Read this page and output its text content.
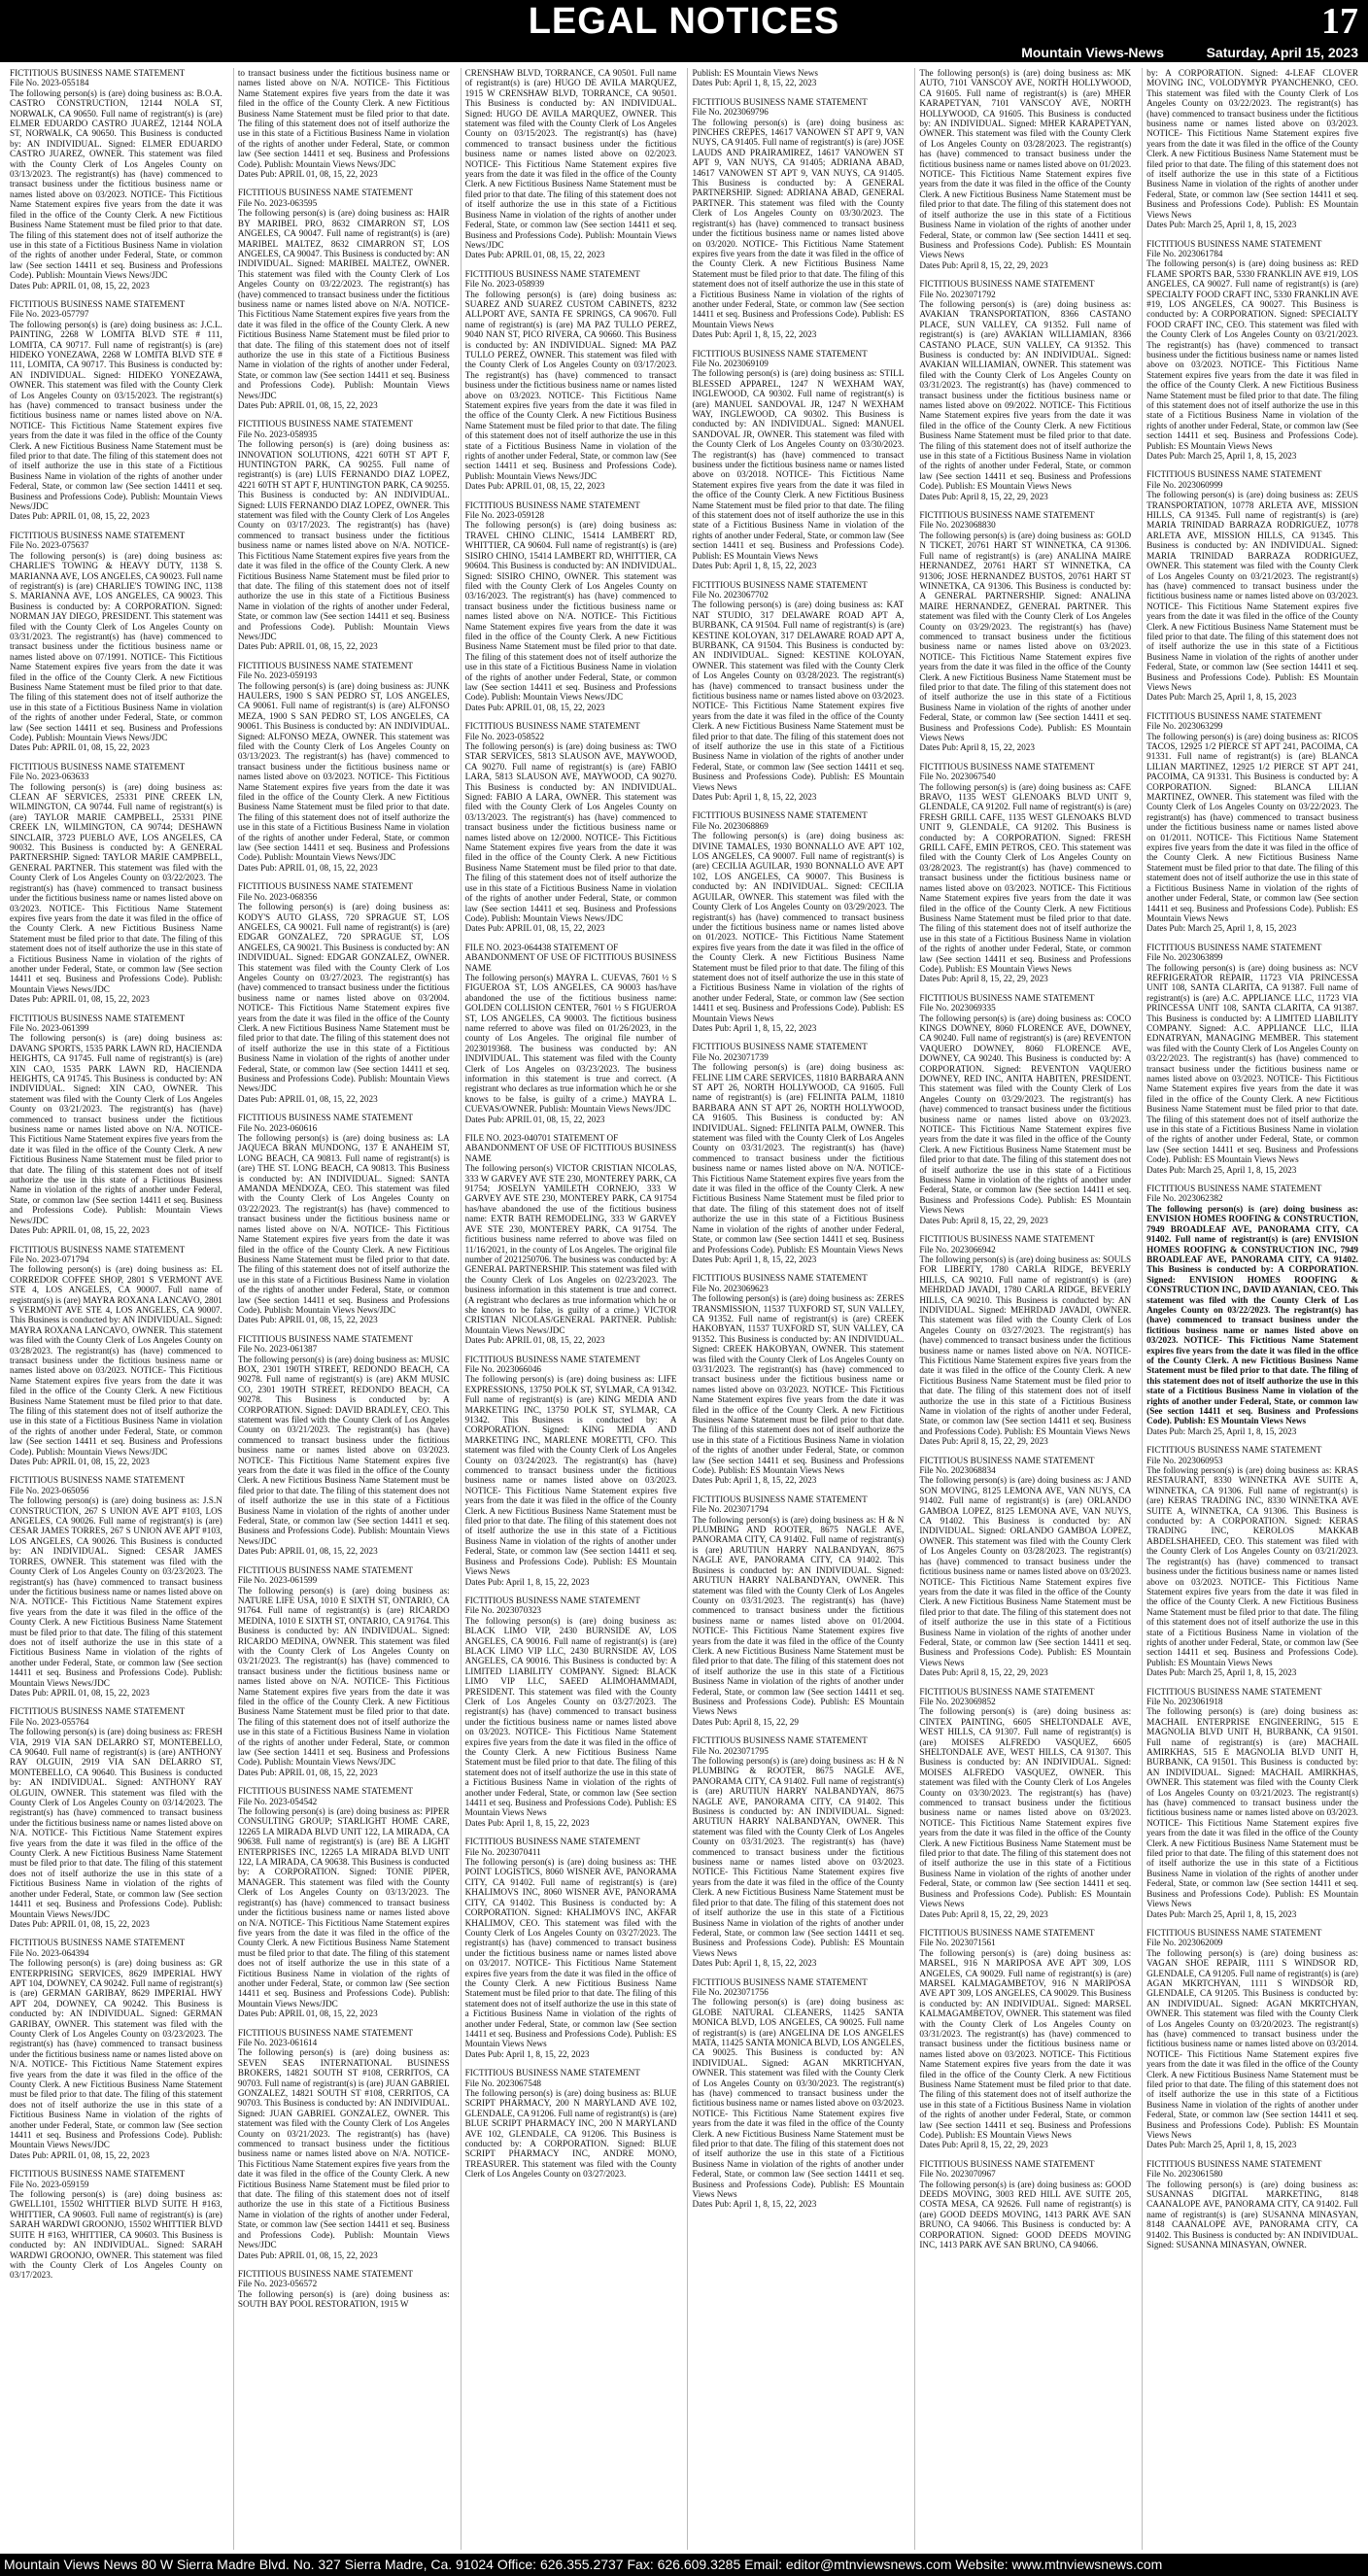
LEGAL NOTICES	17
Mountain Views-News	Saturday, April 15, 2023

FICTITIOUS BUSINESS NAME STATEMENT

File No. 2023-055184

The following person(s) is (are) doing business as: B.O.A. CASTRO CONSTRUCTION, 12144 NOLA ST, NORWALK, CA 90650. Full name of registrant(s) is (are) ELMER EDUARDO CASTRO JUAREZ, 12144 NOLA ST, NORWALK, CA 90650. This Business is conducted by: AN INDIVIDUAL. Signed: ELMER EDUARDO CASTRO JUAREZ, OWNER. This statement was filed with the County Clerk of Los Angeles County on 03/13/2023. The registrant(s) has (have) commenced to transact business under the fictitious business name or names listed above on 03/2023. NOTICE- This Fictitious Name Statement expires five years from the date it was filed in the office of the County Clerk. A new Fictitious Business Name Statement must be filed prior to that date. The filing of this statement does not of itself authorize the use in this state of a Fictitious Business Name in violation of the rights of another under Federal, State, or common law (See section 14411 et seq. Business and Professions Code). Publish: Mountain Views News/JDC

Dates Pub: APRIL 01, 08, 15, 22, 2023

FICTITIOUS BUSINESS NAME STATEMENT

File No. 2023-057797

The following person(s) is (are) doing business as: J.C.L. PAINTING, 2268 W LOMITA BLVD STE # 111, LOMITA, CA 90717. Full name of registrant(s) is (are) HIDEKO YONEZAWA, 2268 W LOMITA BLVD STE # 111, LOMITA, CA 90717. This Business is conducted by: AN INDIVIDUAL. Signed: HIDEKO YONEZAWA, OWNER. This statement was filed with the County Clerk of Los Angeles County on 03/15/2023. The registrant(s) has (have) commenced to transact business under the fictitious business name or names listed above on N/A. NOTICE- This Fictitious Name Statement expires five years from the date it was filed in the office of the County Clerk. A new Fictitious Business Name Statement must be filed prior to that date. The filing of this statement does not of itself authorize the use in this state of a Fictitious Business Name in violation of the rights of another under Federal, State, or common law (See section 14411 et seq. Business and Professions Code). Publish: Mountain Views News/JDC

Dates Pub: APRIL 01, 08, 15, 22, 2023

FICTITIOUS BUSINESS NAME STATEMENT

File No. 2023-075637

The following person(s) is (are) doing business as: CHARLIE'S TOWING & HEAVY DUTY, 1138 S. MARIANNA AVE, LOS ANGELES, CA 90023. Full name of registrant(s) is (are) CHARLIE'S TOWING INC, 1138 S. MARIANNA AVE, LOS ANGELES, CA 90023. This Business is conducted by: A CORPORATION. Signed: NORMAN JAY DIEGO, PRESIDENT. This statement was filed with the County Clerk of Los Angeles County on 03/31/2023. The registrant(s) has (have) commenced to transact business under the fictitious business name or names listed above on 07/1991. NOTICE- This Fictitious Name Statement expires five years from the date it was filed in the office of the County Clerk. A new Fictitious Business Name Statement must be filed prior to that date. The filing of this statement does not of itself authorize the use in this state of a Fictitious Business Name in violation of the rights of another under Federal, State, or common law (See section 14411 et seq. Business and Professions Code). Publish: Mountain Views News/JDC

Dates Pub: APRIL 01, 08, 15, 22, 2023

FICTITIOUS BUSINESS NAME STATEMENT

File No. 2023-063633

The following person(s) is (are) doing business as: CLEAN AF SERVICES, 25331 PINE CREEK LN, WILMINGTON, CA 90744. Full name of registrant(s) is (are) TAYLOR MARIE CAMPBELL, 25331 PINE CREEK LN, WILMINGTON, CA 90744; DESHAWN SINCLAIR, 3723 PUEBLO AVE, LOS ANGELES, CA 90032. This Business is conducted by: A GENERAL PARTNERSHIP. Signed: TAYLOR MARIE CAMPBELL, GENERAL PARTNER. This statement was filed with the County Clerk of Los Angeles County on 03/22/2023. The registrant(s) has (have) commenced to transact business under the fictitious business name or names listed above on 03/2023. NOTICE- This Fictitious Name Statement expires five years from the date it was filed in the office of the County Clerk. A new Fictitious Business Name Statement must be filed prior to that date. The filing of this statement does not of itself authorize the use in this state of a Fictitious Business Name in violation of the rights of another under Federal, State, or common law (See section 14411 et seq. Business and Professions Code). Publish: Mountain Views News/JDC

Dates Pub: APRIL 01, 08, 15, 22, 2023

FICTITIOUS BUSINESS NAME STATEMENT

File No. 2023-061399

The following person(s) is (are) doing business as: DAVANG SPORTS, 1535 PARK LAWN RD, HACIENDA HEIGHTS, CA 91745. Full name of registrant(s) is (are) XIN CAO, 1535 PARK LAWN RD, HACIENDA HEIGHTS, CA 91745. This Business is conducted by: AN INDIVIDUAL. Signed: XIN CAO, OWNER. This statement was filed with the County Clerk of Los Angeles County on 03/21/2023. The registrant(s) has (have) commenced to transact business under the fictitious business name or names listed above on N/A. NOTICE- This Fictitious Name Statement expires five years from the date it was filed in the office of the County Clerk. A new Fictitious Business Name Statement must be filed prior to that date. The filing of this statement does not of itself authorize the use in this state of a Fictitious Business Name in violation of the rights of another under Federal, State, or common law (See section 14411 et seq. Business and Professions Code). Publish: Mountain Views News/JDC

Dates Pub: APRIL 01, 08, 15, 22, 2023

FICTITIOUS BUSINESS NAME STATEMENT

File No. 2023-071794

The following person(s) is (are) doing business as: EL CORREDOR COFFEE SHOP, 2801 S VERMONT AVE STE 4, LOS ANGELES, CA 90007. Full name of registrant(s) is (are) MAYRA ROXANA LANCAVO, 2801 S VERMONT AVE STE 4, LOS ANGELES, CA 90007. This Business is conducted by: AN INDIVIDUAL. Signed: MAYRA ROXANA LANCAVO, OWNER. This statement was filed with the County Clerk of Los Angeles County on 03/28/2023. The registrant(s) has (have) commenced to transact business under the fictitious business name or names listed above on 03/2023. NOTICE- This Fictitious Name Statement expires five years from the date it was filed in the office of the County Clerk. A new Fictitious Business Name Statement must be filed prior to that date. The filing of this statement does not of itself authorize the use in this state of a Fictitious Business Name in violation of the rights of another under Federal, State, or common law (See section 14411 et seq. Business and Professions Code). Publish: Mountain Views News/JDC

Dates Pub: APRIL 01, 08, 15, 22, 2023

FICTITIOUS BUSINESS NAME STATEMENT

File No. 2023-065056

The following person(s) is (are) doing business as: J.S.N CONSTRUCTION, 267 S UNION AVE APT #103, LOS ANGELES, CA 90026. Full name of registrant(s) is (are) CESAR JAMES TORRES, 267 S UNION AVE APT #103, LOS ANGELES, CA 90026. This Business is conducted by: AN INDIVIDUAL. Signed: CESAR JAMES TORRES, OWNER. This statement was filed with the County Clerk of Los Angeles County on 03/23/2023. The registrant(s) has (have) commenced to transact business under the fictitious business name or names listed above on N/A. NOTICE- This Fictitious Name Statement expires five years from the date it was filed in the office of the County Clerk. A new Fictitious Business Name Statement must be filed prior to that date. The filing of this statement does not of itself authorize the use in this state of a Fictitious Business Name in violation of the rights of another under Federal, State, or common law (See section 14411 et seq. Business and Professions Code). Publish: Mountain Views News/JDC

Dates Pub: APRIL 01, 08, 15, 22, 2023

FICTITIOUS BUSINESS NAME STATEMENT

File No. 2023-055764

The following person(s) is (are) doing business as: FRESH VIA, 2919 VIA SAN DELARRO ST, MONTEBELLO, CA 90640. Full name of registrant(s) is (are) ANTHONY RAY OLGUIN, 2919 VIA SAN DELARRO ST, MONTEBELLO, CA 90640. This Business is conducted by: AN INDIVIDUAL. Signed: ANTHONY RAY OLGUIN, OWNER. This statement was filed with the County Clerk of Los Angeles County on 03/14/2023. The registrant(s) has (have) commenced to transact business under the fictitious business name or names listed above on N/A. NOTICE- This Fictitious Name Statement expires five years from the date it was filed in the office of the County Clerk. A new Fictitious Business Name Statement must be filed prior to that date. The filing of this statement does not of itself authorize the use in this state of a Fictitious Business Name in violation of the rights of another under Federal, State, or common law (See section 14411 et seq. Business and Professions Code). Publish: Mountain Views News/JDC

Dates Pub: APRIL 01, 08, 15, 22, 2023

FICTITIOUS BUSINESS NAME STATEMENT

File No. 2023-064394

The following person(s) is (are) doing business as: GR ENTERPRISING SERVICES, 8629 IMPERIAL HWY APT 104, DOWNEY, CA 90242. Full name of registrant(s) is (are) GERMAN GARIBAY, 8629 IMPERIAL HWY APT 204, DOWNEY, CA 90242. This Business is conducted by: AN INDIVIDUAL. Signed: GERMAN GARIBAY, OWNER. This statement was filed with the County Clerk of Los Angeles County on 03/23/2023. The registrant(s) has (have) commenced to transact business under the fictitious business name or names listed above on N/A. NOTICE- This Fictitious Name Statement expires five years from the date it was filed in the office of the County Clerk. A new Fictitious Business Name Statement must be filed prior to that date. The filing of this statement does not of itself authorize the use in this state of a Fictitious Business Name in violation of the rights of another under Federal, State, or common law (See section 14411 et seq. Business and Professions Code). Publish: Mountain Views News/JDC

Dates Pub: APRIL 01, 08, 15, 22, 2023

FICTITIOUS BUSINESS NAME STATEMENT

File No. 2023-059159

The following person(s) is (are) doing business as: GWELL101, 15502 WHITTIER BLVD SUITE H #163, WHITTIER, CA 90603. Full name of registrant(s) is (are) SARAH WARDWI GROONJO, 15502 WHITTIER BLVD SUITE H #163, WHITTIER, CA 90603. This Business is conducted by: AN INDIVIDUAL. Signed: SARAH WARDWI GROONJO, OWNER. This statement was filed with the County Clerk of Los Angeles County on 03/17/2023.

to transact business under the fictitious business name or names listed above on N/A. NOTICE- This Fictitious Name Statement expires five years from the date it was filed in the office of the County Clerk. A new Fictitious Business Name Statement must be filed prior to that date. The filing of this statement does not of itself authorize the use in this state of a Fictitious Business Name in violation of the rights of another under Federal, State, or common law (See section 14411 et seq. Business and Professions Code). Publish: Mountain Views News/JDC

Dates Pub: APRIL 01, 08, 15, 22, 2023

FICTITIOUS BUSINESS NAME STATEMENT

File No. 2023-063595

The following person(s) is (are) doing business as: HAIR BY MARIBEL PRO, 8632 CIMARRON ST, LOS ANGELES, CA 90047. Full name of registrant(s) is (are) MARIBEL MALTEZ, 8632 CIMARRON ST, LOS ANGELES, CA 90047. This Business is conducted by: AN INDIVIDUAL. Signed: MARIBEL MALTEZ, OWNER. This statement was filed with the County Clerk of Los Angeles County on 03/22/2023. The registrant(s) has (have) commenced to transact business under the fictitious business name or names listed above on N/A. NOTICE- This Fictitious Name Statement expires five years from the date it was filed in the office of the County Clerk. A new Fictitious Business Name Statement must be filed prior to that date. The filing of this statement does not of itself authorize the use in this state of a Fictitious Business Name in violation of the rights of another under Federal, State, or common law (See section 14411 et seq. Business and Professions Code). Publish: Mountain Views News/JDC

Dates Pub: APRIL 01, 08, 15, 22, 2023

FICTITIOUS BUSINESS NAME STATEMENT

File No. 2023-058935

The following person(s) is (are) doing business as: INNOVATION SOLUTIONS, 4221 60TH ST APT F, HUNTINGTON PARK, CA 90255. Full name of registrant(s) is (are) LUIS FERNANDO DIAZ LOPEZ, 4221 60TH ST APT F, HUNTINGTON PARK, CA 90255. This Business is conducted by: AN INDIVIDUAL. Signed: LUIS FERNANDO DIAZ LOPEZ, OWNER. This statement was filed with the County Clerk of Los Angeles County on 03/17/2023. The registrant(s) has (have) commenced to transact business under the fictitious business name or names listed above on N/A. NOTICE- This Fictitious Name Statement expires five years from the date it was filed in the office of the County Clerk. A new Fictitious Business Name Statement must be filed prior to that date. The filing of this statement does not of itself authorize the use in this state of a Fictitious Business Name in violation of the rights of another under Federal, State, or common law (See section 14411 et seq. Business and Professions Code). Publish: Mountain Views News/JDC

Dates Pub: APRIL 01, 08, 15, 22, 2023

FICTITIOUS BUSINESS NAME STATEMENT

File No. 2023-059193

The following person(s) is (are) doing business as: JUNK HAULERS, 1900 S SAN PEDRO ST, LOS ANGELES, CA 90061. Full name of registrant(s) is (are) ALFONSO MEZA, 1900 S SAN PEDRO ST, LOS ANGELES, CA 90061. This Business is conducted by: AN INDIVIDUAL. Signed: ALFONSO MEZA, OWNER. This statement was filed with the County Clerk of Los Angeles County on 03/13/2023. The registrant(s) has (have) commenced to transact business under the fictitious business name or names listed above on 03/2023. NOTICE- This Fictitious Name Statement expires five years from the date it was filed in the office of the County Clerk. A new Fictitious Business Name Statement must be filed prior to that date. The filing of this statement does not of itself authorize the use in this state of a Fictitious Business Name in violation of the rights of another under Federal, State, or common law (See section 14411 et seq. Business and Professions Code). Publish: Mountain Views News/JDC

Dates Pub: APRIL 01, 08, 15, 22, 2023

FICTITIOUS BUSINESS NAME STATEMENT

File No. 2023-068356

The following person(s) is (are) doing business as: KODY'S AUTO GLASS, 720 SPRAGUE ST, LOS ANGELES, CA 90021. Full name of registrant(s) is (are) EDGAR GONZALEZ, 720 SPRAGUE ST, LOS ANGELES, CA 90021. This Business is conducted by: AN INDIVIDUAL. Signed: EDGAR GONZALEZ, OWNER. This statement was filed with the County Clerk of Los Angeles County on 03/27/2023. The registrant(s) has (have) commenced to transact business under the fictitious business name or names listed above on 03/2004. NOTICE- This Fictitious Name Statement expires five years from the date it was filed in the office of the County Clerk. A new Fictitious Business Name Statement must be filed prior to that date. The filing of this statement does not of itself authorize the use in this state of a Fictitious Business Name in violation of the rights of another under Federal, State, or common law (See section 14411 et seq. Business and Professions Code). Publish: Mountain Views News/JDC

Dates Pub: APRIL 01, 08, 15, 22, 2023

FICTITIOUS BUSINESS NAME STATEMENT

File No. 2023-060616

The following person(s) is (are) doing business as: LA JAQUECA BRAN MUNDONG, 137 E ANAHEIM ST, LONG BEACH, CA 90813. Full name of registrant(s) is (are) THE ST. LONG BEACH, CA 90813. This Business is conducted by: AN INDIVIDUAL. Signed: SANTA AMANDA MENDOZA, CEO. This statement was filed with the County Clerk of Los Angeles County on 03/22/2023. The registrant(s) has (have) commenced to transact business under the fictitious business name or names listed above on N/A. NOTICE- This Fictitious Name Statement expires five years from the date it was filed in the office of the County Clerk. A new Fictitious Business Name Statement must be filed prior to that date. The filing of this statement does not of itself authorize the use in this state of a Fictitious Business Name in violation of the rights of another under Federal, State, or common law (See section 14411 et seq. Business and Professions Code). Publish: Mountain Views News/JDC

Dates Pub: APRIL 01, 08, 15, 22, 2023

FICTITIOUS BUSINESS NAME STATEMENT

File No. 2023-061387

The following person(s) is (are) doing business as: MUSIC BOX, 2301 190TH STREET, REDONDO BEACH, CA 90278. Full name of registrant(s) is (are) AKM MUSIC CO, 2301 190TH STREET, REDONDO BEACH, CA 90278. This Business is conducted by: A CORPORATION. Signed: DAVID BRADLEY, CEO. This statement was filed with the County Clerk of Los Angeles County on 03/21/2023. The registrant(s) has (have) commenced to transact business under the fictitious business name or names listed above on 03/2023. NOTICE- This Fictitious Name Statement expires five years from the date it was filed in the office of the County Clerk. A new Fictitious Business Name Statement must be filed prior to that date. The filing of this statement does not of itself authorize the use in this state of a Fictitious Business Name in violation of the rights of another under Federal, State, or common law (See section 14411 et seq. Business and Professions Code). Publish: Mountain Views News/JDC

Dates Pub: APRIL 01, 08, 15, 22, 2023

FICTITIOUS BUSINESS NAME STATEMENT

File No. 2023-061599

The following person(s) is (are) doing business as: NATURE LIFE USA, 1010 E SIXTH ST, ONTARIO, CA 91764. Full name of registrant(s) is (are) RICARDO MEDINA, 1010 E SIXTH ST, ONTARIO, CA 91764. This Business is conducted by: AN INDIVIDUAL. Signed: RICARDO MEDINA, OWNER. This statement was filed with the County Clerk of Los Angeles County on 03/21/2023. The registrant(s) has (have) commenced to transact business under the fictitious business name or names listed above on N/A. NOTICE- This Fictitious Name Statement expires five years from the date it was filed in the office of the County Clerk. A new Fictitious Business Name Statement must be filed prior to that date. The filing of this statement does not of itself authorize the use in this state of a Fictitious Business Name in violation of the rights of another under Federal, State, or common law (See section 14411 et seq. Business and Professions Code). Publish: Mountain Views News/JDC

Dates Pub: APRIL 01, 08, 15, 22, 2023

FICTITIOUS BUSINESS NAME STATEMENT

File No. 2023-054542

The following person(s) is (are) doing business as: PIPER CONSULTING GROUP; STARLIGHT HOME CARE, 12265 LA MIRADA BLVD UNIT 122, LA MIRADA, CA 90638. Full name of registrant(s) is (are) BE A LIGHT ENTERPRISES INC, 12265 LA MIRADA BLVD UNIT 122, LA MIRADA, CA 90638. This Business is conducted by: A CORPORATION. Signed: TONIE PIPER, MANAGER. This statement was filed with the County Clerk of Los Angeles County on 03/13/2023. The registrant(s) has (have) commenced to transact business under the fictitious business name or names listed above on N/A. NOTICE- This Fictitious Name Statement expires five years from the date it was filed in the office of the County Clerk. A new Fictitious Business Name Statement must be filed prior to that date. The filing of this statement does not of itself authorize the use in this state of a Fictitious Business Name in violation of the rights of another under Federal, State, or common law (See section 14411 et seq. Business and Professions Code). Publish: Mountain Views News/JDC

Dates Pub: APRIL 01, 08, 15, 22, 2023

FICTITIOUS BUSINESS NAME STATEMENT

File No. 2023-061614

The following person(s) is (are) doing business as: SEVEN SEAS INTERNATIONAL BUSINESS BROKERS, 14821 SOUTH ST #108, CERRITOS, CA 90703. Full name of registrant(s) is (are) JUAN GABRIEL GONZALEZ, 14821 SOUTH ST #108, CERRITOS, CA 90703. This Business is conducted by: AN INDIVIDUAL. Signed: JUAN GABRIEL GONZALEZ, OWNER. This statement was filed with the County Clerk of Los Angeles County on 03/21/2023. The registrant(s) has (have) commenced to transact business under the fictitious business name or names listed above on N/A. NOTICE- This Fictitious Name Statement expires five years from the date it was filed in the office of the County Clerk. A new Fictitious Business Name Statement must be filed prior to that date. The filing of this statement does not of itself authorize the use in this state of a Fictitious Business Name in violation of the rights of another under Federal, State, or common law (See section 14411 et seq. Business and Professions Code). Publish: Mountain Views News/JDC

Dates Pub: APRIL 01, 08, 15, 22, 2023

FICTITIOUS BUSINESS NAME STATEMENT

File No. 2023-056572

The following person(s) is (are) doing business as: SOUTH BAY POOL RESTORATION, 1915 W

CRENSHAW BLVD, TORRANCE, CA 90501. Full name of registrant(s) is (are) HUGO DE AVILA MARQUEZ, 1915 W CRENSHAW BLVD, TORRANCE, CA 90501. This Business is conducted by: AN INDIVIDUAL. Signed: HUGO DE AVILA MARQUEZ, OWNER. This statement was filed with the County Clerk of Los Angeles County on 03/15/2023. The registrant(s) has (have) commenced to transact business under the fictitious business name or names listed above on 02/2023. NOTICE- This Fictitious Name Statement expires five years from the date it was filed in the office of the County Clerk. A new Fictitious Business Name Statement must be filed prior to that date. The filing of this statement does not of itself authorize the use in this state of a Fictitious Business Name in violation of the rights of another under Federal, State, or common law (See section 14411 et seq. Business and Professions Code). Publish: Mountain Views News/JDC

Dates Pub: APRIL 01, 08, 15, 22, 2023

FICTITIOUS BUSINESS NAME STATEMENT

File No. 2023-058939

The following person(s) is (are) doing business as: SUAREZ AND SUAREZ CUSTOM CABINETS, 8232 ALLPORT AVE, SANTA FE SPRINGS, CA 90670. Full name of registrant(s) is (are) MA PAZ TULLO PEREZ, 9040 NAN ST, PICO RIVERA, CA 90660. This Business is conducted by: AN INDIVIDUAL. Signed: MA PAZ TULLO PEREZ, OWNER. This statement was filed with the County Clerk of Los Angeles County on 03/17/2023. The registrant(s) has (have) commenced to transact business under the fictitious business name or names listed above on 03/2023. NOTICE- This Fictitious Name Statement expires five years from the date it was filed in the office of the County Clerk. A new Fictitious Business Name Statement must be filed prior to that date. The filing of this statement does not of itself authorize the use in this state of a Fictitious Business Name in violation of the rights of another under Federal, State, or common law (See section 14411 et seq. Business and Professions Code). Publish: Mountain Views News/JDC

Dates Pub: APRIL 01, 08, 15, 22, 2023

FICTITIOUS BUSINESS NAME STATEMENT

File No. 2023-059128

The following person(s) is (are) doing business as: TRAVEL CHINO CLINIC, 15414 LAMBERT RD, WHITTIER, CA 90604. Full name of registrant(s) is (are) SISIRO CHINO, 15414 LAMBERT RD, WHITTIER, CA 90604. This Business is conducted by: AN INDIVIDUAL. Signed: SISIRO CHINO, OWNER. This statement was filed with the County Clerk of Los Angeles County on 03/16/2023. The registrant(s) has (have) commenced to transact business under the fictitious business name or names listed above on N/A. NOTICE- This Fictitious Name Statement expires five years from the date it was filed in the office of the County Clerk. A new Fictitious Business Name Statement must be filed prior to that date. The filing of this statement does not of itself authorize the use in this state of a Fictitious Business Name in violation of the rights of another under Federal, State, or common law (See section 14411 et seq. Business and Professions Code). Publish: Mountain Views News/JDC

Dates Pub: APRIL 01, 08, 15, 22, 2023

FICTITIOUS BUSINESS NAME STATEMENT

File No. 2023-058522

The following person(s) is (are) doing business as: TWO STAR SERVICES, 5813 SLAUSON AVE, MAYWOOD, CA 90270. Full name of registrant(s) is (are) FABIO LARA, 5813 SLAUSON AVE, MAYWOOD, CA 90270. This Business is conducted by: AN INDIVIDUAL. Signed: FABIO A LARA, OWNER. This statement was filed with the County Clerk of Los Angeles County on 03/13/2023. The registrant(s) has (have) commenced to transact business under the fictitious business name or names listed above on 12/2000. NOTICE- This Fictitious Name Statement expires five years from the date it was filed in the office of the County Clerk. A new Fictitious Business Name Statement must be filed prior to that date. The filing of this statement does not of itself authorize the use in this state of a Fictitious Business Name in violation of the rights of another under Federal, State, or common law (See section 14411 et seq. Business and Professions Code). Publish: Mountain Views News/JDC

Dates Pub: APRIL 01, 08, 15, 22, 2023

FILE NO. 2023-064438 STATEMENT OF ABANDONMENT OF USE OF FICTITIOUS BUSINESS NAME

The following person(s) MAYRA L. CUEVAS, 7601 ½ S FIGUEROA ST, LOS ANGELES, CA 90003 has/have abandoned the use of the fictitious business name: GOLDEN COLLISION CENTER, 7601 ½ S FIGUEROA ST, LOS ANGELES, CA 90003. The fictitious business name referred to above was filed on 01/26/2023, in the county of Los Angeles. The original file number of 2023019368. The business was conducted by: AN INDIVIDUAL. This statement was filed with the County Clerk of Los Angeles on 03/23/2023. The business information in this statement is true and correct. (A registrant who declares as true information which he or she knows to be false, is guilty of a crime.) MAYRA L. CUEVAS/OWNER. Publish: Mountain Views News/JDC

Dates Pub: APRIL 01, 08, 15, 22, 2023

FILE NO. 2023-040701 STATEMENT OF ABANDONMENT OF USE OF FICTITIOUS BUSINESS NAME

The following person(s) VICTOR CRISTIAN NICOLAS, 333 W GARVEY AVE STE 230, MONTEREY PARK, CA 91754; JOSELYN YAMILETH CORNEJO, 333 W GARVEY AVE STE 230, MONTEREY PARK, CA 91754 has/have abandoned the use of the fictitious business name: EXTR BATH REMODELING, 333 W GARVEY AVE STE 230, MONTEREY PARK, CA 91754. The fictitious business name referred to above was filed on 11/16/2021, in the county of Los Angeles. The original file number of 2021250706. The business was conducted by: A GENERAL PARTNERSHIP. This statement was filed with the County Clerk of Los Angeles on 02/23/2023. The business information in this statement is true and correct. (A registrant who declares as true information which he or she knows to be false, is guilty of a crime.) VICTOR CRISTIAN NICOLAS/GENERAL PARTNER. Publish: Mountain Views News/JDC

Dates Pub: APRIL 01, 08, 15, 22, 2023

FICTITIOUS BUSINESS NAME STATEMENT

File No. 2023066046

The following person(s) is (are) doing business as: LIFE EXPRESSIONS, 13750 POLK ST, SYLMAR, CA 91342. Full name of registrant(s) is (are) KING MEDIA AND MARKETING INC, 13750 POLK ST, SYLMAR, CA 91342. This Business is conducted by: A CORPORATION. Signed: KING MEDIA AND MARKETING INC, MARLENE MORETTI, CFO. This statement was filed with the County Clerk of Los Angeles County on 03/24/2023. The registrant(s) has (have) commenced to transact business under the fictitious business name or names listed above on 03/2023. NOTICE- This Fictitious Name Statement expires five years from the date it was filed in the office of the County Clerk. A new Fictitious Business Name Statement must be filed prior to that date. The filing of this statement does not of itself authorize the use in this state of a Fictitious Business Name in violation of the rights of another under Federal, State, or common law (See section 14411 et seq. Business and Professions Code). Publish: ES Mountain Views News

Dates Pub: April 1, 8, 15, 22, 2023

FICTITIOUS BUSINESS NAME STATEMENT

File No. 2023070323

The following person(s) is (are) doing business as: BLACK LIMO VIP, 2430 BURNSIDE AV, LOS ANGELES, CA 90016. Full name of registrant(s) is (are) BLACK LIMO VIP LLC, 2430 BURNSIDE AV, LOS ANGELES, CA 90016. This Business is conducted by: A LIMITED LIABILITY COMPANY. Signed: BLACK LIMO VIP LLC, SAEED ALIMOHAMMADI, PRESIDENT. This statement was filed with the County Clerk of Los Angeles County on 03/27/2023. The registrant(s) has (have) commenced to transact business under the fictitious business name or names listed above on 03/2023. NOTICE- This Fictitious Name Statement expires five years from the date it was filed in the office of the County Clerk. A new Fictitious Business Name Statement must be filed prior to that date. The filing of this statement does not of itself authorize the use in this state of a Fictitious Business Name in violation of the rights of another under Federal, State, or common law (See section 14411 et seq. Business and Professions Code). Publish: ES Mountain Views News

Dates Pub: April 1, 8, 15, 22, 2023

FICTITIOUS BUSINESS NAME STATEMENT

File No. 2023070411

The following person(s) is (are) doing business as: THE POINT LOGISTICS, 8060 WISNER AVE, PANORAMA CITY, CA 91402. Full name of registrant(s) is (are) KHALIMOVS INC, 8060 WISNER AVE, PANORAMA CITY, CA 91402. This Business is conducted by: A CORPORATION. Signed: KHALIMOVS INC, AKFAR KHALIMOV, CEO. This statement was filed with the County Clerk of Los Angeles County on 03/27/2023. The registrant(s) has (have) commenced to transact business under the fictitious business name or names listed above on 03/2017. NOTICE- This Fictitious Name Statement expires five years from the date it was filed in the office of the County Clerk. A new Fictitious Business Name Statement must be filed prior to that date. The filing of this statement does not of itself authorize the use in this state of a Fictitious Business Name in violation of the rights of another under Federal, State, or common law (See section 14411 et seq. Business and Professions Code). Publish: ES Mountain Views News

Dates Pub: April 1, 8, 15, 22, 2023

FICTITIOUS BUSINESS NAME STATEMENT

File No. 2023067548

The following person(s) is (are) doing business as: BLUE SCRIPT PHARMACY, 200 N MARYLAND AVE 102, GLENDALE, CA 91206. Full name of registrant(s) is (are) BLUE SCRIPT PHARMACY INC, 200 N MARYLAND AVE 102, GLENDALE, CA 91206. This Business is conducted by: A CORPORATION. Signed: BLUE SCRIPT PHARMACY INC, ANDRE MONO, TREASURER. This statement was filed with the County Clerk of Los Angeles County on 03/27/2023.

Publish: ES Mountain Views News

Dates Pub: April 1, 8, 15, 22, 2023

FICTITIOUS BUSINESS NAME STATEMENT

File No. 2023069796

The following person(s) is (are) doing business as: PINCHES CREPES, 14617 VANOWEN ST APT 9, VAN NUYS, CA 91405. Full name of registrant(s) is (are) JOSE LAUDS AND PRAIRAMIREZ, 14617 VANOWEN ST APT 9, VAN NUYS, CA 91405; ADRIANA ABAD, 14617 VANOWEN ST APT 9, VAN NUYS, CA 91405. This Business is conducted by: A GENERAL PARTNERSHIP. Signed: ADRIANA ABAD, GENERAL PARTNER. This statement was filed with the County Clerk of Los Angeles County on 03/30/2023. The registrant(s) has (have) commenced to transact business under the fictitious business name or names listed above on 03/2020. NOTICE- This Fictitious Name Statement expires five years from the date it was filed in the office of the County Clerk. A new Fictitious Business Name Statement must be filed prior to that date. The filing of this statement does not of itself authorize the use in this state of a Fictitious Business Name in violation of the rights of another under Federal, State, or common law (See section 14411 et seq. Business and Professions Code). Publish: ES Mountain Views News

Dates Pub: April 1, 8, 15, 22, 2023

FICTITIOUS BUSINESS NAME STATEMENT

File No. 2023069109

The following person(s) is (are) doing business as: STILL BLESSED APPAREL, 1247 N WEXHAM WAY, INGLEWOOD, CA 90302. Full name of registrant(s) is (are) MANUEL SANDOVAL JR, 1247 N WEXHAM WAY, INGLEWOOD, CA 90302. This Business is conducted by: AN INDIVIDUAL. Signed: MANUEL SANDOVAL JR, OWNER. This statement was filed with the County Clerk of Los Angeles County on 03/30/2023. The registrant(s) has (have) commenced to transact business under the fictitious business name or names listed above on 03/2018. NOTICE- This Fictitious Name Statement expires five years from the date it was filed in the office of the County Clerk. A new Fictitious Business Name Statement must be filed prior to that date. The filing of this statement does not of itself authorize the use in this state of a Fictitious Business Name in violation of the rights of another under Federal, State, or common law (See section 14411 et seq. Business and Professions Code). Publish: ES Mountain Views News

Dates Pub: April 1, 8, 15, 22, 2023

FICTITIOUS BUSINESS NAME STATEMENT

File No. 2023067702

The following person(s) is (are) doing business as: KAT NAT STUDIO, 317 DELAWARE ROAD APT A, BURBANK, CA 91504. Full name of registrant(s) is (are) KESTINE KOLOYAN, 317 DELAWARE ROAD APT A, BURBANK, CA 91504. This Business is conducted by: AN INDIVIDUAL. Signed: KESTINE KOLOYAN, OWNER. This statement was filed with the County Clerk of Los Angeles County on 03/28/2023. The registrant(s) has (have) commenced to transact business under the fictitious business name or names listed above on 03/2023. NOTICE- This Fictitious Name Statement expires five years from the date it was filed in the office of the County Clerk. A new Fictitious Business Name Statement must be filed prior to that date. The filing of this statement does not of itself authorize the use in this state of a Fictitious Business Name in violation of the rights of another under Federal, State, or common law (See section 14411 et seq. Business and Professions Code). Publish: ES Mountain Views News

Dates Pub: April 1, 8, 15, 22, 2023

FICTITIOUS BUSINESS NAME STATEMENT

File No. 2023068869

The following person(s) is (are) doing business as: DIVINE TAMALES, 1930 BONNALLO AVE APT 102, LOS ANGELES, CA 90007. Full name of registrant(s) is (are) CECILIA AGUILAR, 1930 BONNALLO AVE APT 102, LOS ANGELES, CA 90007. This Business is conducted by: AN INDIVIDUAL. Signed: CECILIA AGUILAR, OWNER. This statement was filed with the County Clerk of Los Angeles County on 03/29/2023. The registrant(s) has (have) commenced to transact business under the fictitious business name or names listed above on 01/2023. NOTICE- This Fictitious Name Statement expires five years from the date it was filed in the office of the County Clerk. A new Fictitious Business Name Statement must be filed prior to that date. The filing of this statement does not of itself authorize the use in this state of a Fictitious Business Name in violation of the rights of another under Federal, State, or common law (See section 14411 et seq. Business and Professions Code). Publish: ES Mountain Views News

Dates Pub: April 1, 8, 15, 22, 2023

FICTITIOUS BUSINESS NAME STATEMENT

File No. 2023071739

The following person(s) is (are) doing business as: FELINE LIM CARE SERVICES, 11810 BARBARA ANN ST APT 26, NORTH HOLLYWOOD, CA 91605. Full name of registrant(s) is (are) FELINITA PALM, 11810 BARBARA ANN ST APT 26, NORTH HOLLYWOOD, CA 91605. This Business is conducted by: AN INDIVIDUAL. Signed: FELINITA PALM, OWNER. This statement was filed with the County Clerk of Los Angeles County on 03/31/2023. The registrant(s) has (have) commenced to transact business under the fictitious business name or names listed above on N/A. NOTICE- This Fictitious Name Statement expires five years from the date it was filed in the office of the County Clerk. A new Fictitious Business Name Statement must be filed prior to that date. The filing of this statement does not of itself authorize the use in this state of a Fictitious Business Name in violation of the rights of another under Federal, State, or common law (See section 14411 et seq. Business and Professions Code). Publish: ES Mountain Views News

Dates Pub: April 1, 8, 15, 22, 2023

FICTITIOUS BUSINESS NAME STATEMENT

File No. 2023069623

The following person(s) is (are) doing business as: ZERES TRANSMISSION, 11537 TUXFORD ST, SUN VALLEY, CA 91352. Full name of registrant(s) is (are) CREEK HAKOBYAN, 11537 TUXFORD ST, SUN VALLEY, CA 91352. This Business is conducted by: AN INDIVIDUAL. Signed: CREEK HAKOBYAN, OWNER. This statement was filed with the County Clerk of Los Angeles County on 03/31/2023. The registrant(s) has (have) commenced to transact business under the fictitious business name or names listed above on 03/2023. NOTICE- This Fictitious Name Statement expires five years from the date it was filed in the office of the County Clerk. A new Fictitious Business Name Statement must be filed prior to that date. The filing of this statement does not of itself authorize the use in this state of a Fictitious Business Name in violation of the rights of another under Federal, State, or common law (See section 14411 et seq. Business and Professions Code). Publish: ES Mountain Views News

Dates Pub: April 1, 8, 15, 22, 2023

FICTITIOUS BUSINESS NAME STATEMENT

File No. 2023071794

The following person(s) is (are) doing business as: H & N PLUMBING AND ROOTER, 8675 NAGLE AVE, PANORAMA CITY, CA 91402. Full name of registrant(s) is (are) ARUTIUN HARRY NALBANDYAN, 8675 NAGLE AVE, PANORAMA CITY, CA 91402. This Business is conducted by: AN INDIVIDUAL. Signed: ARUTIUN HARRY NALBANDYAN, OWNER. This statement was filed with the County Clerk of Los Angeles County on 03/31/2023. The registrant(s) has (have) commenced to transact business under the fictitious business name or names listed above on 01/2004. NOTICE- This Fictitious Name Statement expires five years from the date it was filed in the office of the County Clerk. A new Fictitious Business Name Statement must be filed prior to that date. The filing of this statement does not of itself authorize the use in this state of a Fictitious Business Name in violation of the rights of another under Federal, State, or common law (See section 14411 et seq. Business and Professions Code). Publish: ES Mountain Views News

Dates Pub: April 8, 15, 22, 29

FICTITIOUS BUSINESS NAME STATEMENT

File No. 2023071795

The following person(s) is (are) doing business as: H & N PLUMBING & ROOTER, 8675 NAGLE AVE, PANORAMA CITY, CA 91402. Full name of registrant(s) is (are) ARUTIUN HARRY NALBANDYAN, 8675 NAGLE AVE, PANORAMA CITY, CA 91402. This Business is conducted by: AN INDIVIDUAL. Signed: ARUTIUN HARRY NALBANDYAN, OWNER. This statement was filed with the County Clerk of Los Angeles County on 03/31/2023. The registrant(s) has (have) commenced to transact business under the fictitious business name or names listed above on 03/2023. NOTICE- This Fictitious Name Statement expires five years from the date it was filed in the office of the County Clerk. A new Fictitious Business Name Statement must be filed prior to that date. The filing of this statement does not of itself authorize the use in this state of a Fictitious Business Name in violation of the rights of another under Federal, State, or common law (See section 14411 et seq. Business and Professions Code). Publish: ES Mountain Views News

Dates Pub: April 1, 8, 15, 22, 2023

FICTITIOUS BUSINESS NAME STATEMENT

File No. 2023071756

The following person(s) is (are) doing business as: GLOBE NATURAL CLEANERS, 11425 SANTA MONICA BLVD, LOS ANGELES, CA 90025. Full name of registrant(s) is (are) ANGELINA DE LOS ANGELES MATA, 11425 SANTA MONICA BLVD, LOS ANGELES, CA 90025. This Business is conducted by: AN INDIVIDUAL. Signed: AGAN MKRTICHYAN, OWNER. This statement was filed with the County Clerk of Los Angeles County on 03/30/2023. The registrant(s) has (have) commenced to transact business under the fictitious business name or names listed above on 03/2023. NOTICE- This Fictitious Name Statement expires five years from the date it was filed in the office of the County Clerk. A new Fictitious Business Name Statement must be filed prior to that date. The filing of this statement does not of itself authorize the use in this state of a Fictitious Business Name in violation of the rights of another under Federal, State, or common law (See section 14411 et seq. Business and Professions Code). Publish: ES Mountain Views News

Dates Pub: April 1, 8, 15, 22, 2023

The following person(s) is (are) doing business as: MK AUTO, 7101 VANSCOY AVE, NORTH HOLLYWOOD, CA 91605. Full name of registrant(s) is (are) MHER KARAPETYAN, 7101 VANSCOY AVE, NORTH HOLLYWOOD, CA 91605. This Business is conducted by: AN INDIVIDUAL. Signed: MHER KARAPETYAN, OWNER. This statement was filed with the County Clerk of Los Angeles County on 03/28/2023. The registrant(s) has (have) commenced to transact business under the fictitious business name or names listed above on 01/2023. NOTICE- This Fictitious Name Statement expires five years from the date it was filed in the office of the County Clerk. A new Fictitious Business Name Statement must be filed prior to that date. The filing of this statement does not of itself authorize the use in this state of a Fictitious Business Name in violation of the rights of another under Federal, State, or common law (See section 14411 et seq. Business and Professions Code). Publish: ES Mountain Views News

Dates Pub: April 8, 15, 22, 29, 2023

FICTITIOUS BUSINESS NAME STATEMENT

File No. 2023071792

The following person(s) is (are) doing business as: AVAKIAN TRANSPORTATION, 8366 CASTANO PLACE, SUN VALLEY, CA 91352. Full name of registrant(s) is (are) AVAKIAN WILLIAMIAN, 8366 CASTANO PLACE, SUN VALLEY, CA 91352. This Business is conducted by: AN INDIVIDUAL. Signed: AVAKIAN WILLIAMIAN, OWNER. This statement was filed with the County Clerk of Los Angeles County on 03/31/2023. The registrant(s) has (have) commenced to transact business under the fictitious business name or names listed above on 09/2022. NOTICE- This Fictitious Name Statement expires five years from the date it was filed in the office of the County Clerk. A new Fictitious Business Name Statement must be filed prior to that date. The filing of this statement does not of itself authorize the use in this state of a Fictitious Business Name in violation of the rights of another under Federal, State, or common law (See section 14411 et seq. Business and Professions Code). Publish: ES Mountain Views News

Dates Pub: April 8, 15, 22, 29, 2023

FICTITIOUS BUSINESS NAME STATEMENT

File No. 2023068830

The following person(s) is (are) doing business as: GOLD N TICKET, 20761 HART ST WINNETKA, CA 91306. Full name of registrant(s) is (are) ANALINA MAIRE HERNANDEZ, 20761 HART ST WINNETKA, CA 91306; JOSE HERNANDEZ BUSTOS, 20761 HART ST WINNETKA, CA 91306. This Business is conducted by: A GENERAL PARTNERSHIP. Signed: ANALINA MAIRE HERNANDEZ, GENERAL PARTNER. This statement was filed with the County Clerk of Los Angeles County on 03/29/2023. The registrant(s) has (have) commenced to transact business under the fictitious business name or names listed above on 03/2023. NOTICE- This Fictitious Name Statement expires five years from the date it was filed in the office of the County Clerk. A new Fictitious Business Name Statement must be filed prior to that date. The filing of this statement does not of itself authorize the use in this state of a Fictitious Business Name in violation of the rights of another under Federal, State, or common law (See section 14411 et seq. Business and Professions Code). Publish: ES Mountain Views News

Dates Pub: April 8, 15, 22, 2023

FICTITIOUS BUSINESS NAME STATEMENT

File No. 2023067540

The following person(s) is (are) doing business as: CAFE BRAVO, 1135 WEST GLENOAKS BLVD UNIT 9, GLENDALE, CA 91202. Full name of registrant(s) is (are) FRESH GRILL CAFE, 1135 WEST GLENOAKS BLVD UNIT 9, GLENDALE, CA 91202. This Business is conducted by: A CORPORATION. Signed: FRESH GRILL CAFE, EMIN PETROS, CEO. This statement was filed with the County Clerk of Los Angeles County on 03/28/2023. The registrant(s) has (have) commenced to transact business under the fictitious business name or names listed above on 03/2023. NOTICE- This Fictitious Name Statement expires five years from the date it was filed in the office of the County Clerk. A new Fictitious Business Name Statement must be filed prior to that date. The filing of this statement does not of itself authorize the use in this state of a Fictitious Business Name in violation of the rights of another under Federal, State, or common law (See section 14411 et seq. Business and Professions Code). Publish: ES Mountain Views News

Dates Pub: April 8, 15, 22, 29, 2023

FICTITIOUS BUSINESS NAME STATEMENT

File No. 2023069335

The following person(s) is (are) doing business as: COCO KINGS DOWNEY, 8060 FLORENCE AVE, DOWNEY, CA 90240. Full name of registrant(s) is (are) REVENTON VAQUERO DOWNEY, 8060 FLORENCE AVE, DOWNEY, CA 90240. This Business is conducted by: A CORPORATION. Signed: REVENTON VAQUERO DOWNEY, RED INC, ANITA HABITEN, PRESIDENT. This statement was filed with the County Clerk of Los Angeles County on 03/29/2023. The registrant(s) has (have) commenced to transact business under the fictitious business name or names listed above on 03/2023. NOTICE- This Fictitious Name Statement expires five years from the date it was filed in the office of the County Clerk. A new Fictitious Business Name Statement must be filed prior to that date. The filing of this statement does not of itself authorize the use in this state of a Fictitious Business Name in violation of the rights of another under Federal, State, or common law (See section 14411 et seq. Business and Professions Code). Publish: ES Mountain Views News

Dates Pub: April 8, 15, 22, 29, 2023

FICTITIOUS BUSINESS NAME STATEMENT

File No. 2023066942

The following person(s) is (are) doing business as: SOULS FOR LIBERTY, 1780 CARLA RIDGE, BEVERLY HILLS, CA 90210. Full name of registrant(s) is (are) MEHRDAD JAVADI, 1780 CARLA RIDGE, BEVERLY HILLS, CA 90210. This Business is conducted by: AN INDIVIDUAL. Signed: MEHRDAD JAVADI, OWNER. This statement was filed with the County Clerk of Los Angeles County on 03/27/2023. The registrant(s) has (have) commenced to transact business under the fictitious business name or names listed above on N/A. NOTICE- This Fictitious Name Statement expires five years from the date it was filed in the office of the County Clerk. A new Fictitious Business Name Statement must be filed prior to that date. The filing of this statement does not of itself authorize the use in this state of a Fictitious Business Name in violation of the rights of another under Federal, State, or common law (See section 14411 et seq. Business and Professions Code). Publish: ES Mountain Views News

Dates Pub: April 8, 15, 22, 29, 2023

FICTITIOUS BUSINESS NAME STATEMENT

File No. 2023068834

The following person(s) is (are) doing business as: J AND SON MOVING, 8125 LEMONA AVE, VAN NUYS, CA 91402. Full name of registrant(s) is (are) ORLANDO GAMBOA LOPEZ, 8125 LEMONA AVE, VAN NUYS, CA 91402. This Business is conducted by: AN INDIVIDUAL. Signed: ORLANDO GAMBOA LOPEZ, OWNER. This statement was filed with the County Clerk of Los Angeles County on 03/28/2023. The registrant(s) has (have) commenced to transact business under the fictitious business name or names listed above on 03/2023. NOTICE- This Fictitious Name Statement expires five years from the date it was filed in the office of the County Clerk. A new Fictitious Business Name Statement must be filed prior to that date. The filing of this statement does not of itself authorize the use in this state of a Fictitious Business Name in violation of the rights of another under Federal, State, or common law (See section 14411 et seq. Business and Professions Code). Publish: ES Mountain Views News

Dates Pub: April 8, 15, 22, 29, 2023

FICTITIOUS BUSINESS NAME STATEMENT

File No. 2023069852

The following person(s) is (are) doing business as: CINTEX PAINTING, 6605 SHELTONDALE AVE, WEST HILLS, CA 91307. Full name of registrant(s) is (are) MOISES ALFREDO VASQUEZ, 6605 SHELTONDALE AVE, WEST HILLS, CA 91307. This Business is conducted by: AN INDIVIDUAL. Signed: MOISES ALFREDO VASQUEZ, OWNER. This statement was filed with the County Clerk of Los Angeles County on 03/30/2023. The registrant(s) has (have) commenced to transact business under the fictitious business name or names listed above on 03/2023. NOTICE- This Fictitious Name Statement expires five years from the date it was filed in the office of the County Clerk. A new Fictitious Business Name Statement must be filed prior to that date. The filing of this statement does not of itself authorize the use in this state of a Fictitious Business Name in violation of the rights of another under Federal, State, or common law (See section 14411 et seq. Business and Professions Code). Publish: ES Mountain Views News

Dates Pub: April 8, 15, 22, 29, 2023

FICTITIOUS BUSINESS NAME STATEMENT

File No. 2023071561

The following person(s) is (are) doing business as: MARSEL, 916 N MARIPOSA AVE APT 309, LOS ANGELES, CA 90029. Full name of registrant(s) is (are) MARSEL KALMAGAMBETOV, 916 N MARIPOSA AVE APT 309, LOS ANGELES, CA 90029. This Business is conducted by: AN INDIVIDUAL. Signed: MARSEL KALMAGAMBETOV, OWNER. This statement was filed with the County Clerk of Los Angeles County on 03/31/2023. The registrant(s) has (have) commenced to transact business under the fictitious business name or names listed above on 03/2023. NOTICE- This Fictitious Name Statement expires five years from the date it was filed in the office of the County Clerk. A new Fictitious Business Name Statement must be filed prior to that date. The filing of this statement does not of itself authorize the use in this state of a Fictitious Business Name in violation of the rights of another under Federal, State, or common law (See section 14411 et seq. Business and Professions Code). Publish: ES Mountain Views News

Dates Pub: April 8, 15, 22, 29, 2023

FICTITIOUS BUSINESS NAME STATEMENT

File No. 2023070967

The following person(s) is (are) doing business as: GOOD DEEDS MOVING, 3003 RED HILL AVE SUITE 205, COSTA MESA, CA 92626. Full name of registrant(s) is (are) GOOD DEEDS MOVING, 1413 PARK AVE SAN BRUNO, CA 94066. This Business is conducted by: A CORPORATION. Signed: GOOD DEEDS MOVING INC, 1413 PARK AVE SAN BRUNO, CA 94066.

by: A CORPORATION. Signed: 4-LEAF CLOVER MOVING INC, VOLODYMYR PYANCHENKO, CEO. This statement was filed with the County Clerk of Los Angeles County on 03/22/2023. The registrant(s) has (have) commenced to transact business under the fictitious business name or names listed above on 03/2023. NOTICE- This Fictitious Name Statement expires five years from the date it was filed in the office of the County Clerk. A new Fictitious Business Name Statement must be filed prior to that date. The filing of this statement does not of itself authorize the use in this state of a Fictitious Business Name in violation of the rights of another under Federal, State, or common law (See section 14411 et seq. Business and Professions Code). Publish: ES Mountain Views News

Dates Pub: March 25, April 1, 8, 15, 2023

FICTITIOUS BUSINESS NAME STATEMENT

File No. 2023061784

The following person(s) is (are) doing business as: RED FLAME SPORTS BAR, 5330 FRANKLIN AVE #19, LOS ANGELES, CA 90027. Full name of registrant(s) is (are) SPECIALTY FOOD CRAFT INC, 5330 FRANKLIN AVE #19, LOS ANGELES, CA 90027. This Business is conducted by: A CORPORATION. Signed: SPECIALTY FOOD CRAFT INC, CEO. This statement was filed with the County Clerk of Los Angeles County on 03/21/2023. The registrant(s) has (have) commenced to transact business under the fictitious business name or names listed above on 03/2023. NOTICE- This Fictitious Name Statement expires five years from the date it was filed in the office of the County Clerk. A new Fictitious Business Name Statement must be filed prior to that date. The filing of this statement does not of itself authorize the use in this state of a Fictitious Business Name in violation of the rights of another under Federal, State, or common law (See section 14411 et seq. Business and Professions Code). Publish: ES Mountain Views News

Dates Pub: March 25, April 1, 8, 15, 2023

FICTITIOUS BUSINESS NAME STATEMENT

File No. 2023060999

The following person(s) is (are) doing business as: ZEUS TRANSPORTATION, 10778 ARLETA AVE, MISSION HILLS, CA 91345. Full name of registrant(s) is (are) MARIA TRINIDAD BARRAZA RODRIGUEZ, 10778 ARLETA AVE, MISSION HILLS, CA 91345. This Business is conducted by: AN INDIVIDUAL. Signed: MARIA TRINIDAD BARRAZA RODRIGUEZ, OWNER. This statement was filed with the County Clerk of Los Angeles County on 03/21/2023. The registrant(s) has (have) commenced to transact business under the fictitious business name or names listed above on 03/2023. NOTICE- This Fictitious Name Statement expires five years from the date it was filed in the office of the County Clerk. A new Fictitious Business Name Statement must be filed prior to that date. The filing of this statement does not of itself authorize the use in this state of a Fictitious Business Name in violation of the rights of another under Federal, State, or common law (See section 14411 et seq. Business and Professions Code). Publish: ES Mountain Views News

Dates Pub: March 25, April 1, 8, 15, 2023

FICTITIOUS BUSINESS NAME STATEMENT

File No. 2023063299

The following person(s) is (are) doing business as: RICOS TACOS, 12925 1/2 PIERCE ST APT 241, PACOIMA, CA 91331. Full name of registrant(s) is (are) BLANCA LILIAN MARTINEZ, 12925 1/2 PIERCE ST APT 241, PACOIMA, CA 91331. This Business is conducted by: A CORPORATION. Signed: BLANCA LILIAN MARTINEZ, OWNER. This statement was filed with the County Clerk of Los Angeles County on 03/22/2023. The registrant(s) has (have) commenced to transact business under the fictitious business name or names listed above on 01/2011. NOTICE- This Fictitious Name Statement expires five years from the date it was filed in the office of the County Clerk. A new Fictitious Business Name Statement must be filed prior to that date. The filing of this statement does not of itself authorize the use in this state of a Fictitious Business Name in violation of the rights of another under Federal, State, or common law (See section 14411 et seq. Business and Professions Code). Publish: ES Mountain Views News

Dates Pub: March 25, April 1, 8, 15, 2023

FICTITIOUS BUSINESS NAME STATEMENT

File No. 2023063899

The following person(s) is (are) doing business as: NCV REFRIGERATOR REPAIR, 11723 VIA PRINCESSA UNIT 108, SANTA CLARITA, CA 91387. Full name of registrant(s) is (are) A.C. APPLIANCE LLC, 11723 VIA PRINCESSA UNIT 108, SANTA CLARITA, CA 91387. This Business is conducted by: A LIMITED LIABILITY COMPANY. Signed: A.C. APPLIANCE LLC, ILIA EDNATRYAN, MANAGING MEMBER. This statement was filed with the County Clerk of Los Angeles County on 03/22/2023. The registrant(s) has (have) commenced to transact business under the fictitious business name or names listed above on 03/2023. NOTICE- This Fictitious Name Statement expires five years from the date it was filed in the office of the County Clerk. A new Fictitious Business Name Statement must be filed prior to that date. The filing of this statement does not of itself authorize the use in this state of a Fictitious Business Name in violation of the rights of another under Federal, State, or common law (See section 14411 et seq. Business and Professions Code). Publish: ES Mountain Views News

Dates Pub: March 25, April 1, 8, 15, 2023

FICTITIOUS BUSINESS NAME STATEMENT

File No. 2023062382

The following person(s) is (are) doing business as: ENVISION HOMES ROOFING & CONSTRUCTION, 7949 BROADLEAF AVE, PANORAMA CITY, CA 91402. Full name of registrant(s) is (are) ENVISION HOMES ROOFING & CONSTRUCTION INC, 7949 BROADLEAF AVE, PANORAMA CITY, CA 91402. This Business is conducted by: A CORPORATION. Signed: ENVISION HOMES ROOFING & CONSTRUCTION INC, DAVID AYANIAN, CEO. This statement was filed with the County Clerk of Los Angeles County on 03/22/2023. The registrant(s) has (have) commenced to transact business under the fictitious business name or names listed above on 03/2023. NOTICE- This Fictitious Name Statement expires five years from the date it was filed in the office of the County Clerk. A new Fictitious Business Name Statement must be filed prior to that date. The filing of this statement does not of itself authorize the use in this state of a Fictitious Business Name in violation of the rights of another under Federal, State, or common law (See section 14411 et seq. Business and Professions Code). Publish: ES Mountain Views News

Dates Pub: March 25, April 1, 8, 15, 2023

FICTITIOUS BUSINESS NAME STATEMENT

File No. 2023060953

The following person(s) is (are) doing business as: KRAS RESTAURANT, 8330 WINNETKA AVE SUITE A, WINNETKA, CA 91306. Full name of registrant(s) is (are) KERAS TRADING INC, 8330 WINNETKA AVE SUITE A, WINNETKA, CA 91306. This Business is conducted by: A CORPORATION. Signed: KERAS TRADING INC, KEROLOS MAKKAB ABDELSHAHEED, CEO. This statement was filed with the County Clerk of Los Angeles County on 03/21/2023. The registrant(s) has (have) commenced to transact business under the fictitious business name or names listed above on 03/2023. NOTICE- This Fictitious Name Statement expires five years from the date it was filed in the office of the County Clerk. A new Fictitious Business Name Statement must be filed prior to that date. The filing of this statement does not of itself authorize the use in this state of a Fictitious Business Name in violation of the rights of another under Federal, State, or common law (See section 14411 et seq. Business and Professions Code). Publish: ES Mountain Views News

Dates Pub: March 25, April 1, 8, 15, 2023

FICTITIOUS BUSINESS NAME STATEMENT

File No. 2023061918

The following person(s) is (are) doing business as: MACHAIL ENTERPRISE ENGINEERING, 515 E MAGNOLIA BLVD UNIT H, BURBANK, CA 91501. Full name of registrant(s) is (are) MACHAIL AMIRKHAS, 515 E MAGNOLIA BLVD UNIT H, BURBANK, CA 91501. This Business is conducted by: AN INDIVIDUAL. Signed: MACHAIL AMIRKHAS, OWNER. This statement was filed with the County Clerk of Los Angeles County on 03/21/2023. The registrant(s) has (have) commenced to transact business under the fictitious business name or names listed above on 03/2023. NOTICE- This Fictitious Name Statement expires five years from the date it was filed in the office of the County Clerk. A new Fictitious Business Name Statement must be filed prior to that date. The filing of this statement does not of itself authorize the use in this state of a Fictitious Business Name in violation of the rights of another under Federal, State, or common law (See section 14411 et seq. Business and Professions Code). Publish: ES Mountain Views News

Dates Pub: March 25, April 1, 8, 15, 2023

FICTITIOUS BUSINESS NAME STATEMENT

File No. 2023062009

The following person(s) is (are) doing business as: VAGAN SHOE REPAIR, 1111 S WINDSOR RD, GLENDALE, CA 91205. Full name of registrant(s) is (are) AGAN MKRTCHYAN, 1111 S WINDSOR RD, GLENDALE, CA 91205. This Business is conducted by: AN INDIVIDUAL. Signed: AGAN MKRTCHYAN, OWNER. This statement was filed with the County Clerk of Los Angeles County on 03/20/2023. The registrant(s) has (have) commenced to transact business under the fictitious business name or names listed above on 03/2014. NOTICE- This Fictitious Name Statement expires five years from the date it was filed in the office of the County Clerk. A new Fictitious Business Name Statement must be filed prior to that date. The filing of this statement does not of itself authorize the use in this state of a Fictitious Business Name in violation of the rights of another under Federal, State, or common law (See section 14411 et seq. Business and Professions Code). Publish: ES Mountain Views News

Dates Pub: March 25, April 1, 8, 15, 2023

FICTITIOUS BUSINESS NAME STATEMENT

File No. 2023061580

The following person(s) is (are) doing business as: SUSANNAS DIGITAL MARKETING, 8148 CAANALOPE AVE, PANORAMA CITY, CA 91402. Full name of registrant(s) is (are) SUSANNA MINASYAN, 8148 CAANALOPE AVE, PANORAMA CITY, CA 91402. This Business is conducted by: AN INDIVIDUAL. Signed: SUSANNA MINASYAN, OWNER.

Mountain Views News 80 W Sierra Madre Blvd. No. 327 Sierra Madre, Ca. 91024 Office: 626.355.2737 Fax: 626.609.3285 Email: editor@mtnviewsnews.com Website: www.mtnviewsnews.com
